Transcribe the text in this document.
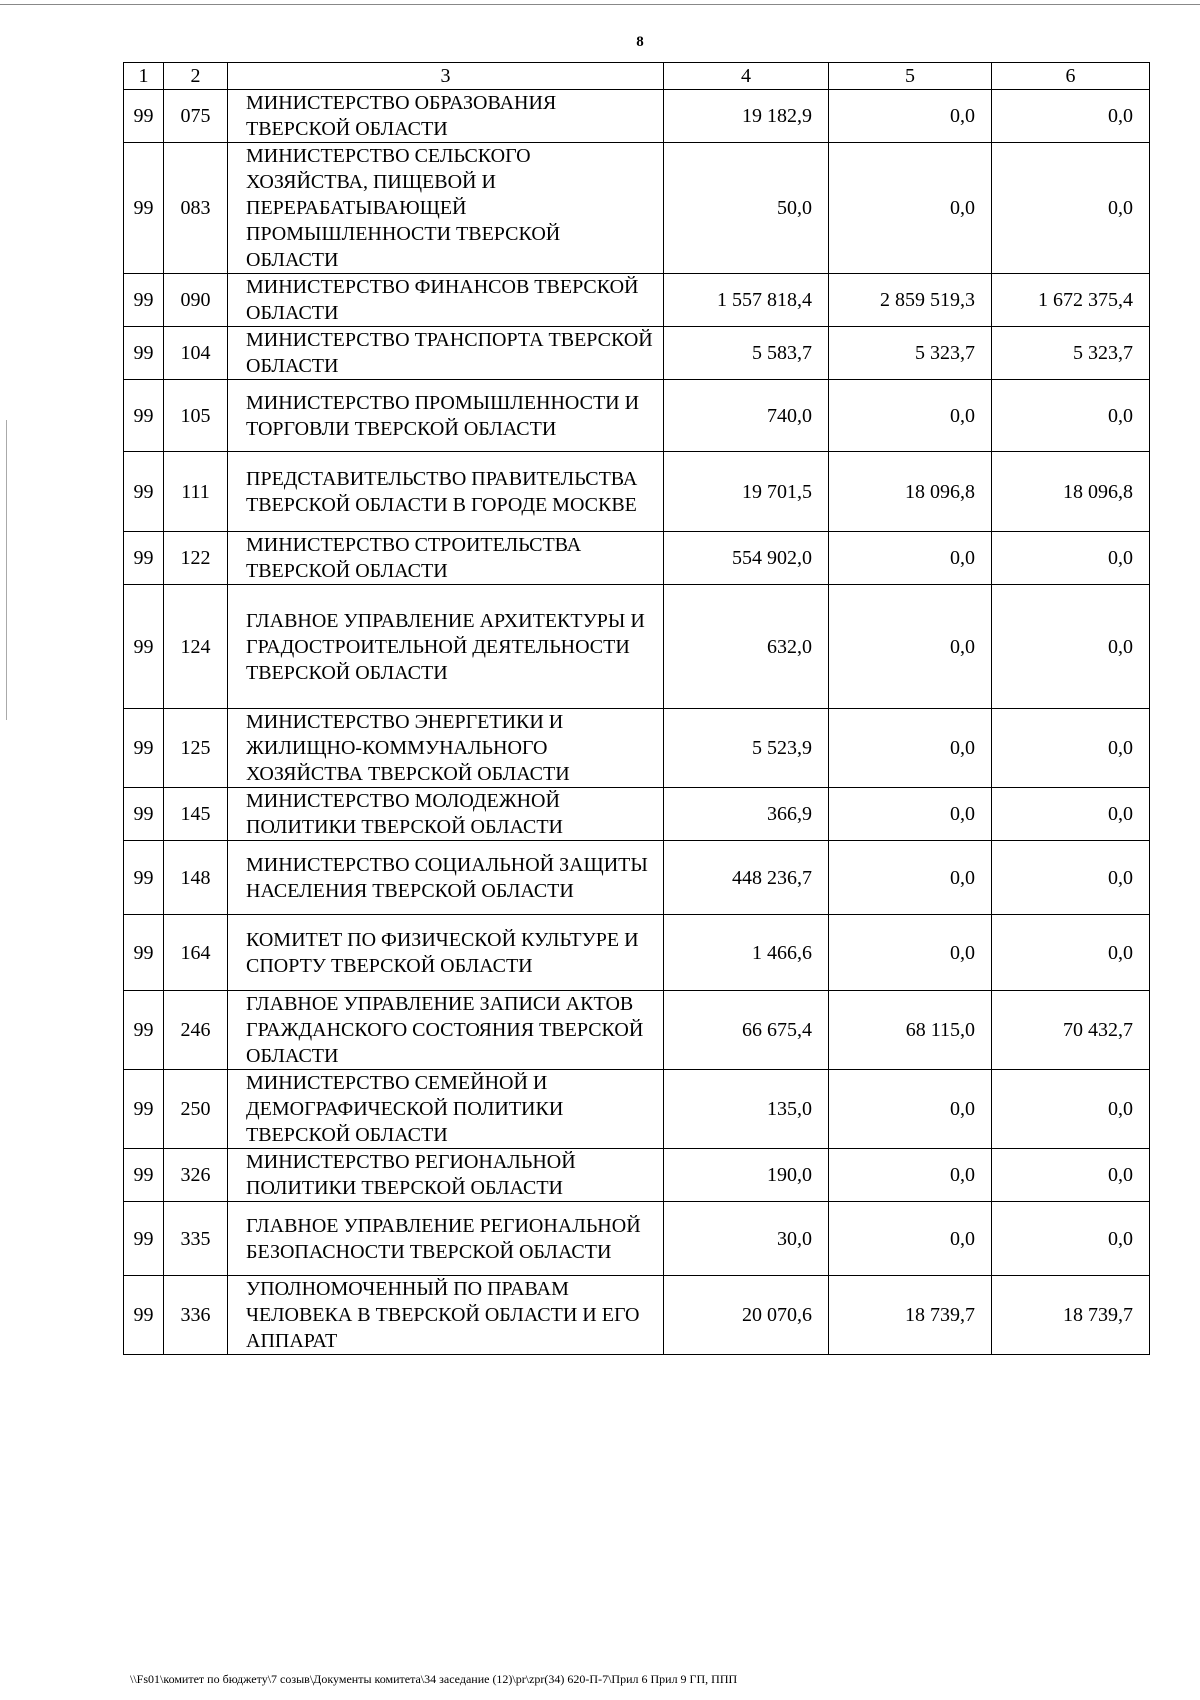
8
1	2	3	4	5	6
99	075	МИНИСТЕРСТВО ОБРАЗОВАНИЯ ТВЕРСКОЙ ОБЛАСТИ	19 182,9	0,0	0,0
99	083	МИНИСТЕРСТВО СЕЛЬСКОГО ХОЗЯЙСТВА, ПИЩЕВОЙ И ПЕРЕРАБАТЫВАЮЩЕЙ ПРОМЫШЛЕННОСТИ ТВЕРСКОЙ ОБЛАСТИ	50,0	0,0	0,0
99	090	МИНИСТЕРСТВО ФИНАНСОВ ТВЕРСКОЙ ОБЛАСТИ	1 557 818,4	2 859 519,3	1 672 375,4
99	104	МИНИСТЕРСТВО ТРАНСПОРТА ТВЕРСКОЙ ОБЛАСТИ	5 583,7	5 323,7	5 323,7
99	105	МИНИСТЕРСТВО ПРОМЫШЛЕННОСТИ И ТОРГОВЛИ ТВЕРСКОЙ ОБЛАСТИ	740,0	0,0	0,0
99	111	ПРЕДСТАВИТЕЛЬСТВО ПРАВИТЕЛЬСТВА ТВЕРСКОЙ ОБЛАСТИ В ГОРОДЕ МОСКВЕ	19 701,5	18 096,8	18 096,8
99	122	МИНИСТЕРСТВО СТРОИТЕЛЬСТВА ТВЕРСКОЙ ОБЛАСТИ	554 902,0	0,0	0,0
99	124	ГЛАВНОЕ УПРАВЛЕНИЕ АРХИТЕКТУРЫ И ГРАДОСТРОИТЕЛЬНОЙ ДЕЯТЕЛЬНОСТИ ТВЕРСКОЙ ОБЛАСТИ	632,0	0,0	0,0
99	125	МИНИСТЕРСТВО ЭНЕРГЕТИКИ И ЖИЛИЩНО-КОММУНАЛЬНОГО ХОЗЯЙСТВА ТВЕРСКОЙ ОБЛАСТИ	5 523,9	0,0	0,0
99	145	МИНИСТЕРСТВО МОЛОДЕЖНОЙ ПОЛИТИКИ ТВЕРСКОЙ ОБЛАСТИ	366,9	0,0	0,0
99	148	МИНИСТЕРСТВО СОЦИАЛЬНОЙ ЗАЩИТЫ НАСЕЛЕНИЯ ТВЕРСКОЙ ОБЛАСТИ	448 236,7	0,0	0,0
99	164	КОМИТЕТ ПО ФИЗИЧЕСКОЙ КУЛЬТУРЕ И СПОРТУ ТВЕРСКОЙ ОБЛАСТИ	1 466,6	0,0	0,0
99	246	ГЛАВНОЕ УПРАВЛЕНИЕ ЗАПИСИ АКТОВ ГРАЖДАНСКОГО СОСТОЯНИЯ ТВЕРСКОЙ ОБЛАСТИ	66 675,4	68 115,0	70 432,7
99	250	МИНИСТЕРСТВО СЕМЕЙНОЙ И ДЕМОГРАФИЧЕСКОЙ ПОЛИТИКИ ТВЕРСКОЙ ОБЛАСТИ	135,0	0,0	0,0
99	326	МИНИСТЕРСТВО РЕГИОНАЛЬНОЙ ПОЛИТИКИ ТВЕРСКОЙ ОБЛАСТИ	190,0	0,0	0,0
99	335	ГЛАВНОЕ УПРАВЛЕНИЕ РЕГИОНАЛЬНОЙ БЕЗОПАСНОСТИ ТВЕРСКОЙ ОБЛАСТИ	30,0	0,0	0,0
99	336	УПОЛНОМОЧЕННЫЙ ПО ПРАВАМ ЧЕЛОВЕКА В ТВЕРСКОЙ ОБЛАСТИ И ЕГО АППАРАТ	20 070,6	18 739,7	18 739,7
\\Fs01\комитет по бюджету\7 созыв\Документы комитета\34 заседание (12)\pr\zpr(34) 620-П-7\Прил 6 Прил 9 ГП, ППП
